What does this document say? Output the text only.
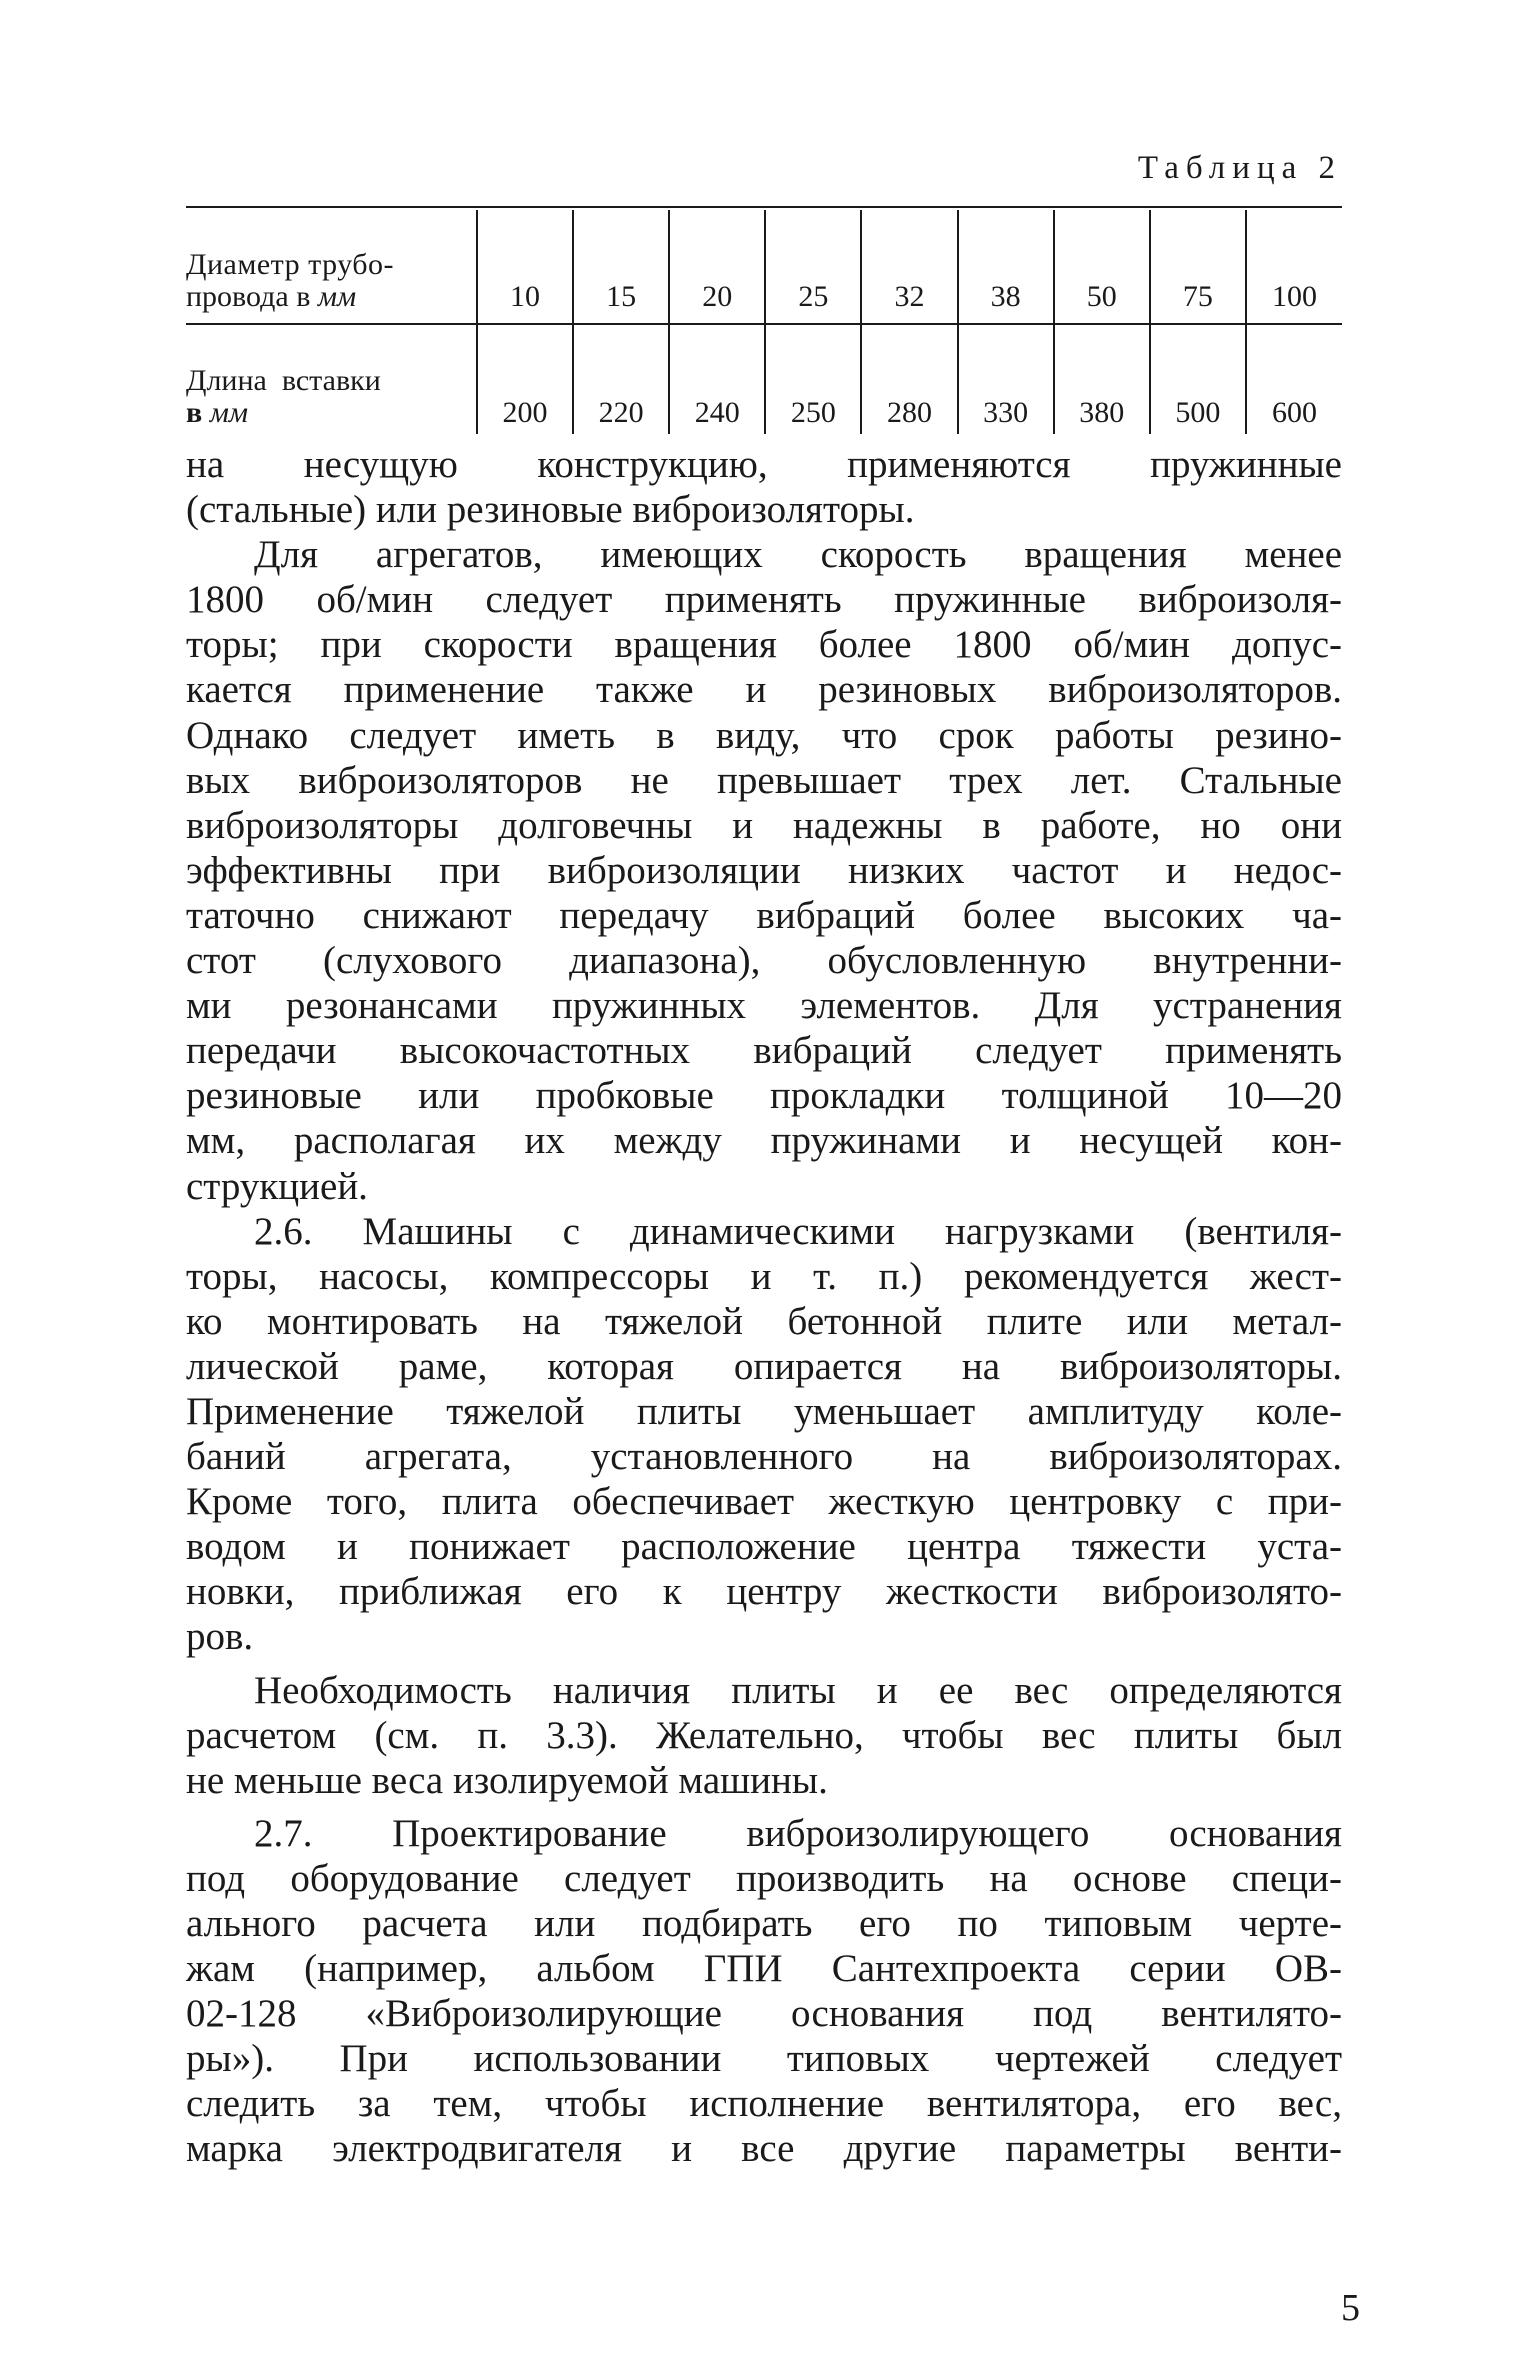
Таблица 2
Диаметр трубо-
провода в мм	10	15	20	25	32	38	50	75	100

Длина  вставки
в мм	200	220	240	250	280	330	380	500	600
на несущую конструкцию, применяются пружинные
(стальные) или резиновые виброизоляторы.
Для агрегатов, имеющих скорость вращения менее
1800 об/мин следует применять пружинные виброизоля-
торы; при скорости вращения более 1800 об/мин допус-
кается применение также и резиновых виброизоляторов.
Однако следует иметь в виду, что срок работы резино-
вых виброизоляторов не превышает трех лет. Стальные
виброизоляторы долговечны и надежны в работе, но они
эффективны при виброизоляции низких частот и недос-
таточно снижают передачу вибраций более высоких ча-
стот (слухового диапазона), обусловленную внутренни-
ми резонансами пружинных элементов. Для устранения
передачи высокочастотных вибраций следует применять
резиновые или пробковые прокладки толщиной 10—20
мм, располагая их между пружинами и несущей кон-
струкцией.
2.6. Машины с динамическими нагрузками (вентиля-
торы, насосы, компрессоры и т. п.) рекомендуется жест-
ко монтировать на тяжелой бетонной плите или метал-
лической раме, которая опирается на виброизоляторы.
Применение тяжелой плиты уменьшает амплитуду коле-
баний агрегата, установленного на виброизоляторах.
Кроме того, плита обеспечивает жесткую центровку с при-
водом и понижает расположение центра тяжести уста-
новки, приближая его к центру жесткости виброизолято-
ров.
Необходимость наличия плиты и ее вес определяются
расчетом (см. п. 3.3). Желательно, чтобы вес плиты был
не меньше веса изолируемой машины.
2.7. Проектирование виброизолирующего основания
под оборудование следует производить на основе специ-
ального расчета или подбирать его по типовым черте-
жам (например, альбом ГПИ Сантехпроекта серии ОВ-
02-128 «Виброизолирующие основания под вентилято-
ры»). При использовании типовых чертежей следует
следить за тем, чтобы исполнение вентилятора, его вес,
марка электродвигателя и все другие параметры венти-
5
